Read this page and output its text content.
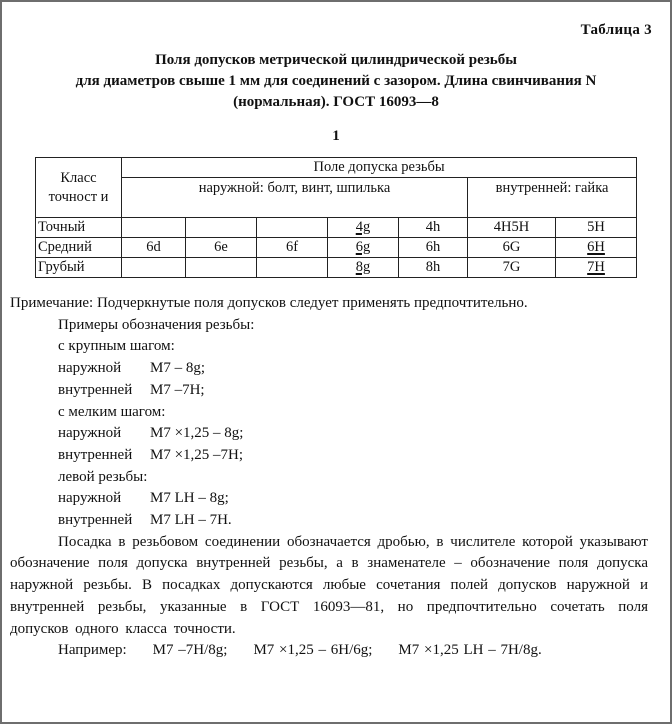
Таблица 3
Поля допусков метрической цилиндрической резьбы
для диаметров свыше 1 мм для соединений с зазором. Длина свинчивания N
(нормальная). ГОСТ 16093—8
1
Класс точност и	Поле допуска резьбы						
	наружной: болт, винт, шпилька					внутренней: гайка	
Точный				4g	4h	4H5H	5H
Средний	6d	6e	6f	6g	6h	6G	6H
Грубый				8g	8h	7G	7H

Примечание: Подчеркнутые поля допусков следует применять предпочтительно.

Примеры обозначения резьбы:

с крупным шагом:

наружной	M7 – 8g;

внутренней	M7 –7H;

с мелким шагом:

наружной	M7 ×1,25 – 8g;

внутренней	M7 ×1,25 –7H;

левой резьбы:

наружной	M7 LH – 8g;

внутренней	M7 LH – 7H.

Посадка в резьбовом соединении обозначается дробью, в числителе которой указывают обозначение поля допуска внутренней резьбы, а в знаменателе – обозначение поля допуска наружной резьбы. В посадках допускаются любые сочетания полей допусков наружной и внутренней резьбы, указанные в ГОСТ 16093—81, но предпочтительно сочетать поля допусков одного класса точности.

Например: M7 –7H/8g; M7 ×1,25 – 6H/6g; M7 ×1,25 LH – 7H/8g.
